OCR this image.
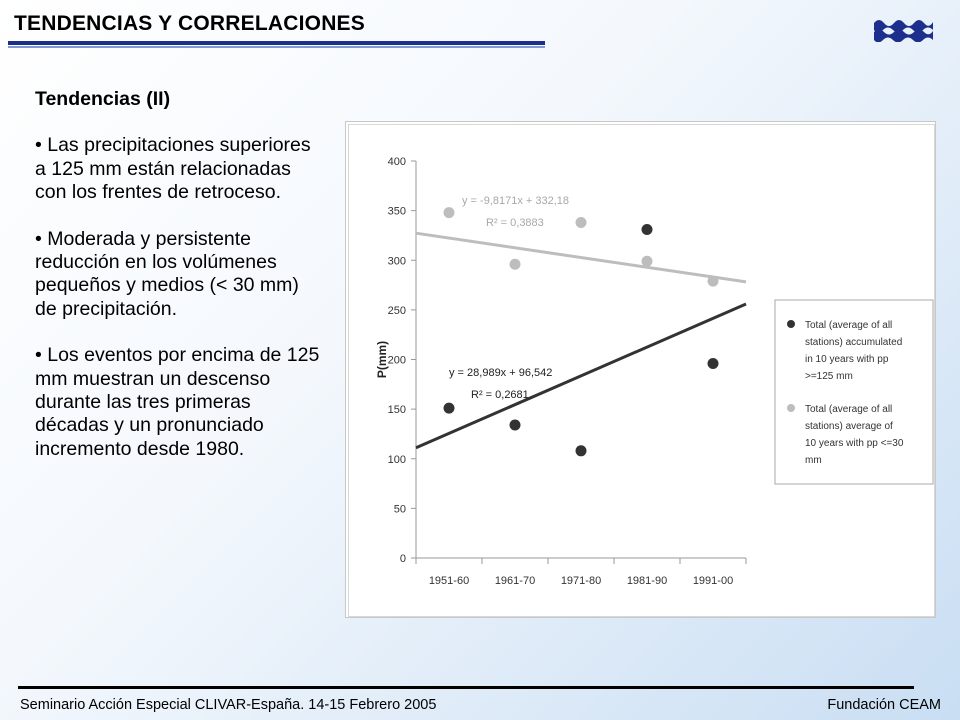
TENDENCIAS Y CORRELACIONES
Tendencias (II)
• Las precipitaciones superiores a 125 mm están relacionadas con los frentes de retroceso.
• Moderada y persistente reducción en los volúmenes pequeños y medios (< 30 mm) de precipitación.
• Los eventos por encima de 125 mm muestran un descenso durante las tres primeras décadas y un pronunciado incremento desde 1980.
0
50
100
150
200
250
300
350
400
1951-60 1961-70 1971-80 1981-90 1991-00
P(mm)
y = -9,8171x + 332,18
R² = 0,3883
y = 28,989x + 96,542
R² = 0,2681
Total (average of all stations) accumulated in 10 years with pp >=125 mm
Total (average of all stations) average of 10 years with pp <=30 mm
Seminario Acción Especial CLIVAR-España. 14-15 Febrero 2005	Fundación CEAM
